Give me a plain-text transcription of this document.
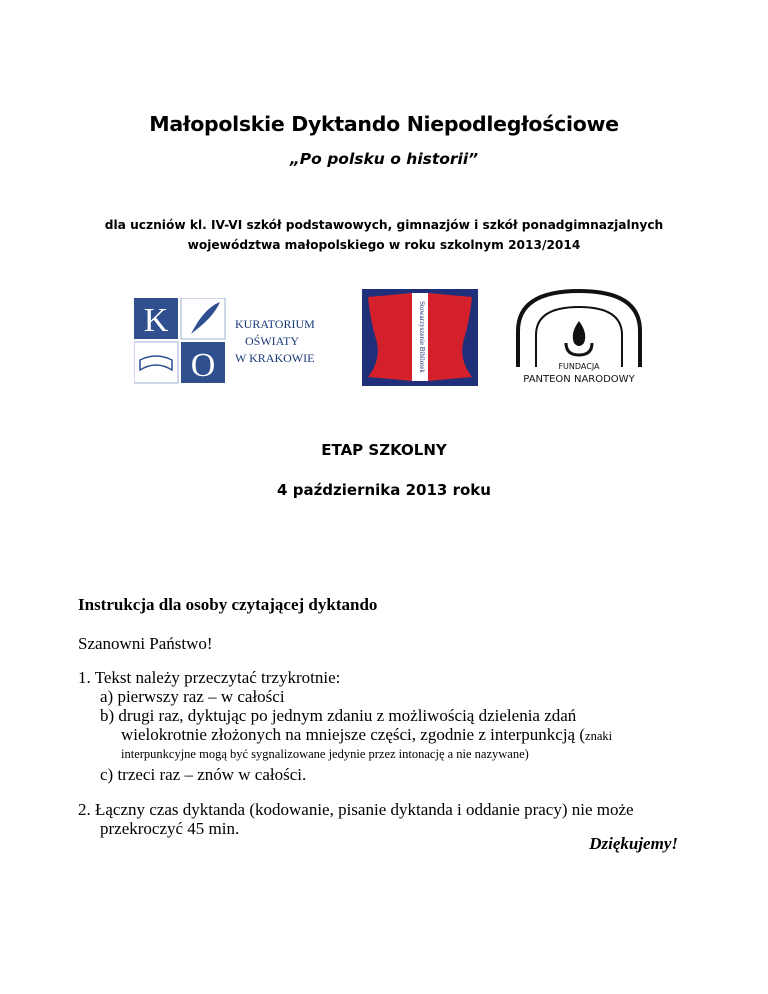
Małopolskie Dyktando Niepodległościowe
„Po polsku o historii”
dla uczniów kl. IV-VI szkół podstawowych, gimnazjów i szkół ponadgimnazjalnych
województwa małopolskiego w roku szkolnym 2013/2014
K
O
KURATORIUM
OŚWIATY
W KRAKOWIE	Stowarzyszenie Bibliotek	FUNDACJA
PANTEON NARODOWY
ETAP SZKOLNY
4 października 2013 roku
Instrukcja dla osoby czytającej dyktando
Szanowni Państwo!
1. Tekst należy przeczytać trzykrotnie:
a) pierwszy raz – w całości
b) drugi raz, dyktując po jednym zdaniu z możliwością dzielenia zdań
wielokrotnie złożonych na mniejsze części, zgodnie z interpunkcją (znaki
interpunkcyjne mogą być sygnalizowane jedynie przez intonację a nie nazywane)
c) trzeci raz – znów w całości.
2. Łączny czas dyktanda (kodowanie, pisanie dyktanda i oddanie pracy) nie może
przekroczyć 45 min.
Dziękujemy!
